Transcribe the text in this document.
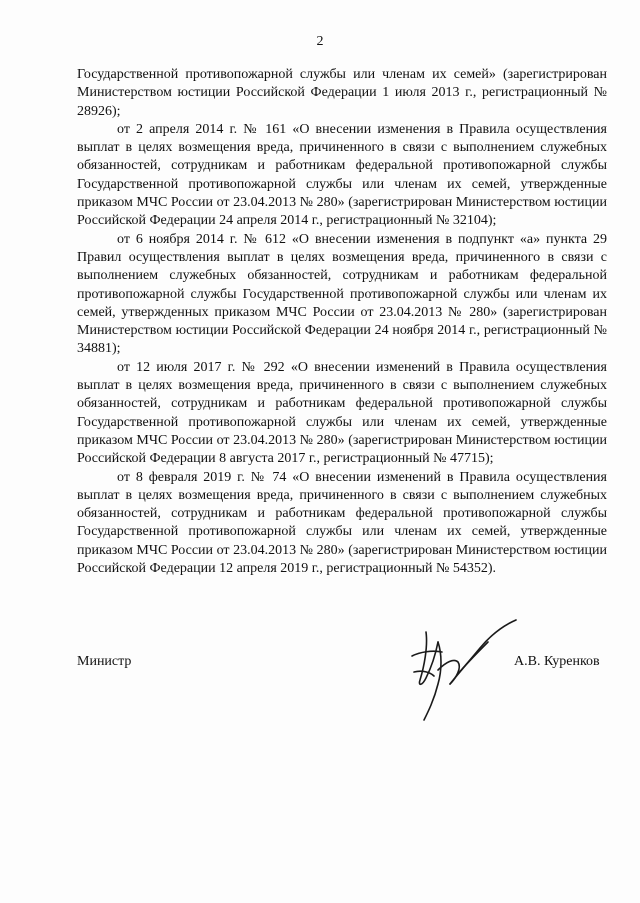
2

Государственной противопожарной службы или членам их семей» (зарегистрирован Министерством юстиции Российской Федерации 1 июля 2013 г., регистрационный № 28926);

от 2 апреля 2014 г. № 161 «О внесении изменения в Правила осуществления выплат в целях возмещения вреда, причиненного в связи с выполнением служебных обязанностей, сотрудникам и работникам федеральной противопожарной службы Государственной противопожарной службы или членам их семей, утвержденные приказом МЧС России от 23.04.2013 № 280» (зарегистрирован Министерством юстиции Российской Федерации 24 апреля 2014 г., регистрационный № 32104);

от 6 ноября 2014 г. № 612 «О внесении изменения в подпункт «а» пункта 29 Правил осуществления выплат в целях возмещения вреда, причиненного в связи с выполнением служебных обязанностей, сотрудникам и работникам федеральной противопожарной службы Государственной противопожарной службы или членам их семей, утвержденных приказом МЧС России от 23.04.2013 № 280» (зарегистрирован Министерством юстиции Российской Федерации 24 ноября 2014 г., регистрационный № 34881);

от 12 июля 2017 г. № 292 «О внесении изменений в Правила осуществления выплат в целях возмещения вреда, причиненного в связи с выполнением служебных обязанностей, сотрудникам и работникам федеральной противопожарной службы Государственной противопожарной службы или членам их семей, утвержденные приказом МЧС России от 23.04.2013 № 280» (зарегистрирован Министерством юстиции Российской Федерации 8 августа 2017 г., регистрационный № 47715);

от 8 февраля 2019 г. № 74 «О внесении изменений в Правила осуществления выплат в целях возмещения вреда, причиненного в связи с выполнением служебных обязанностей, сотрудникам и работникам федеральной противопожарной службы Государственной противопожарной службы или членам их семей, утвержденные приказом МЧС России от 23.04.2013 № 280» (зарегистрирован Министерством юстиции Российской Федерации 12 апреля 2019 г., регистрационный № 54352).

Министр	А.В. Куренков
